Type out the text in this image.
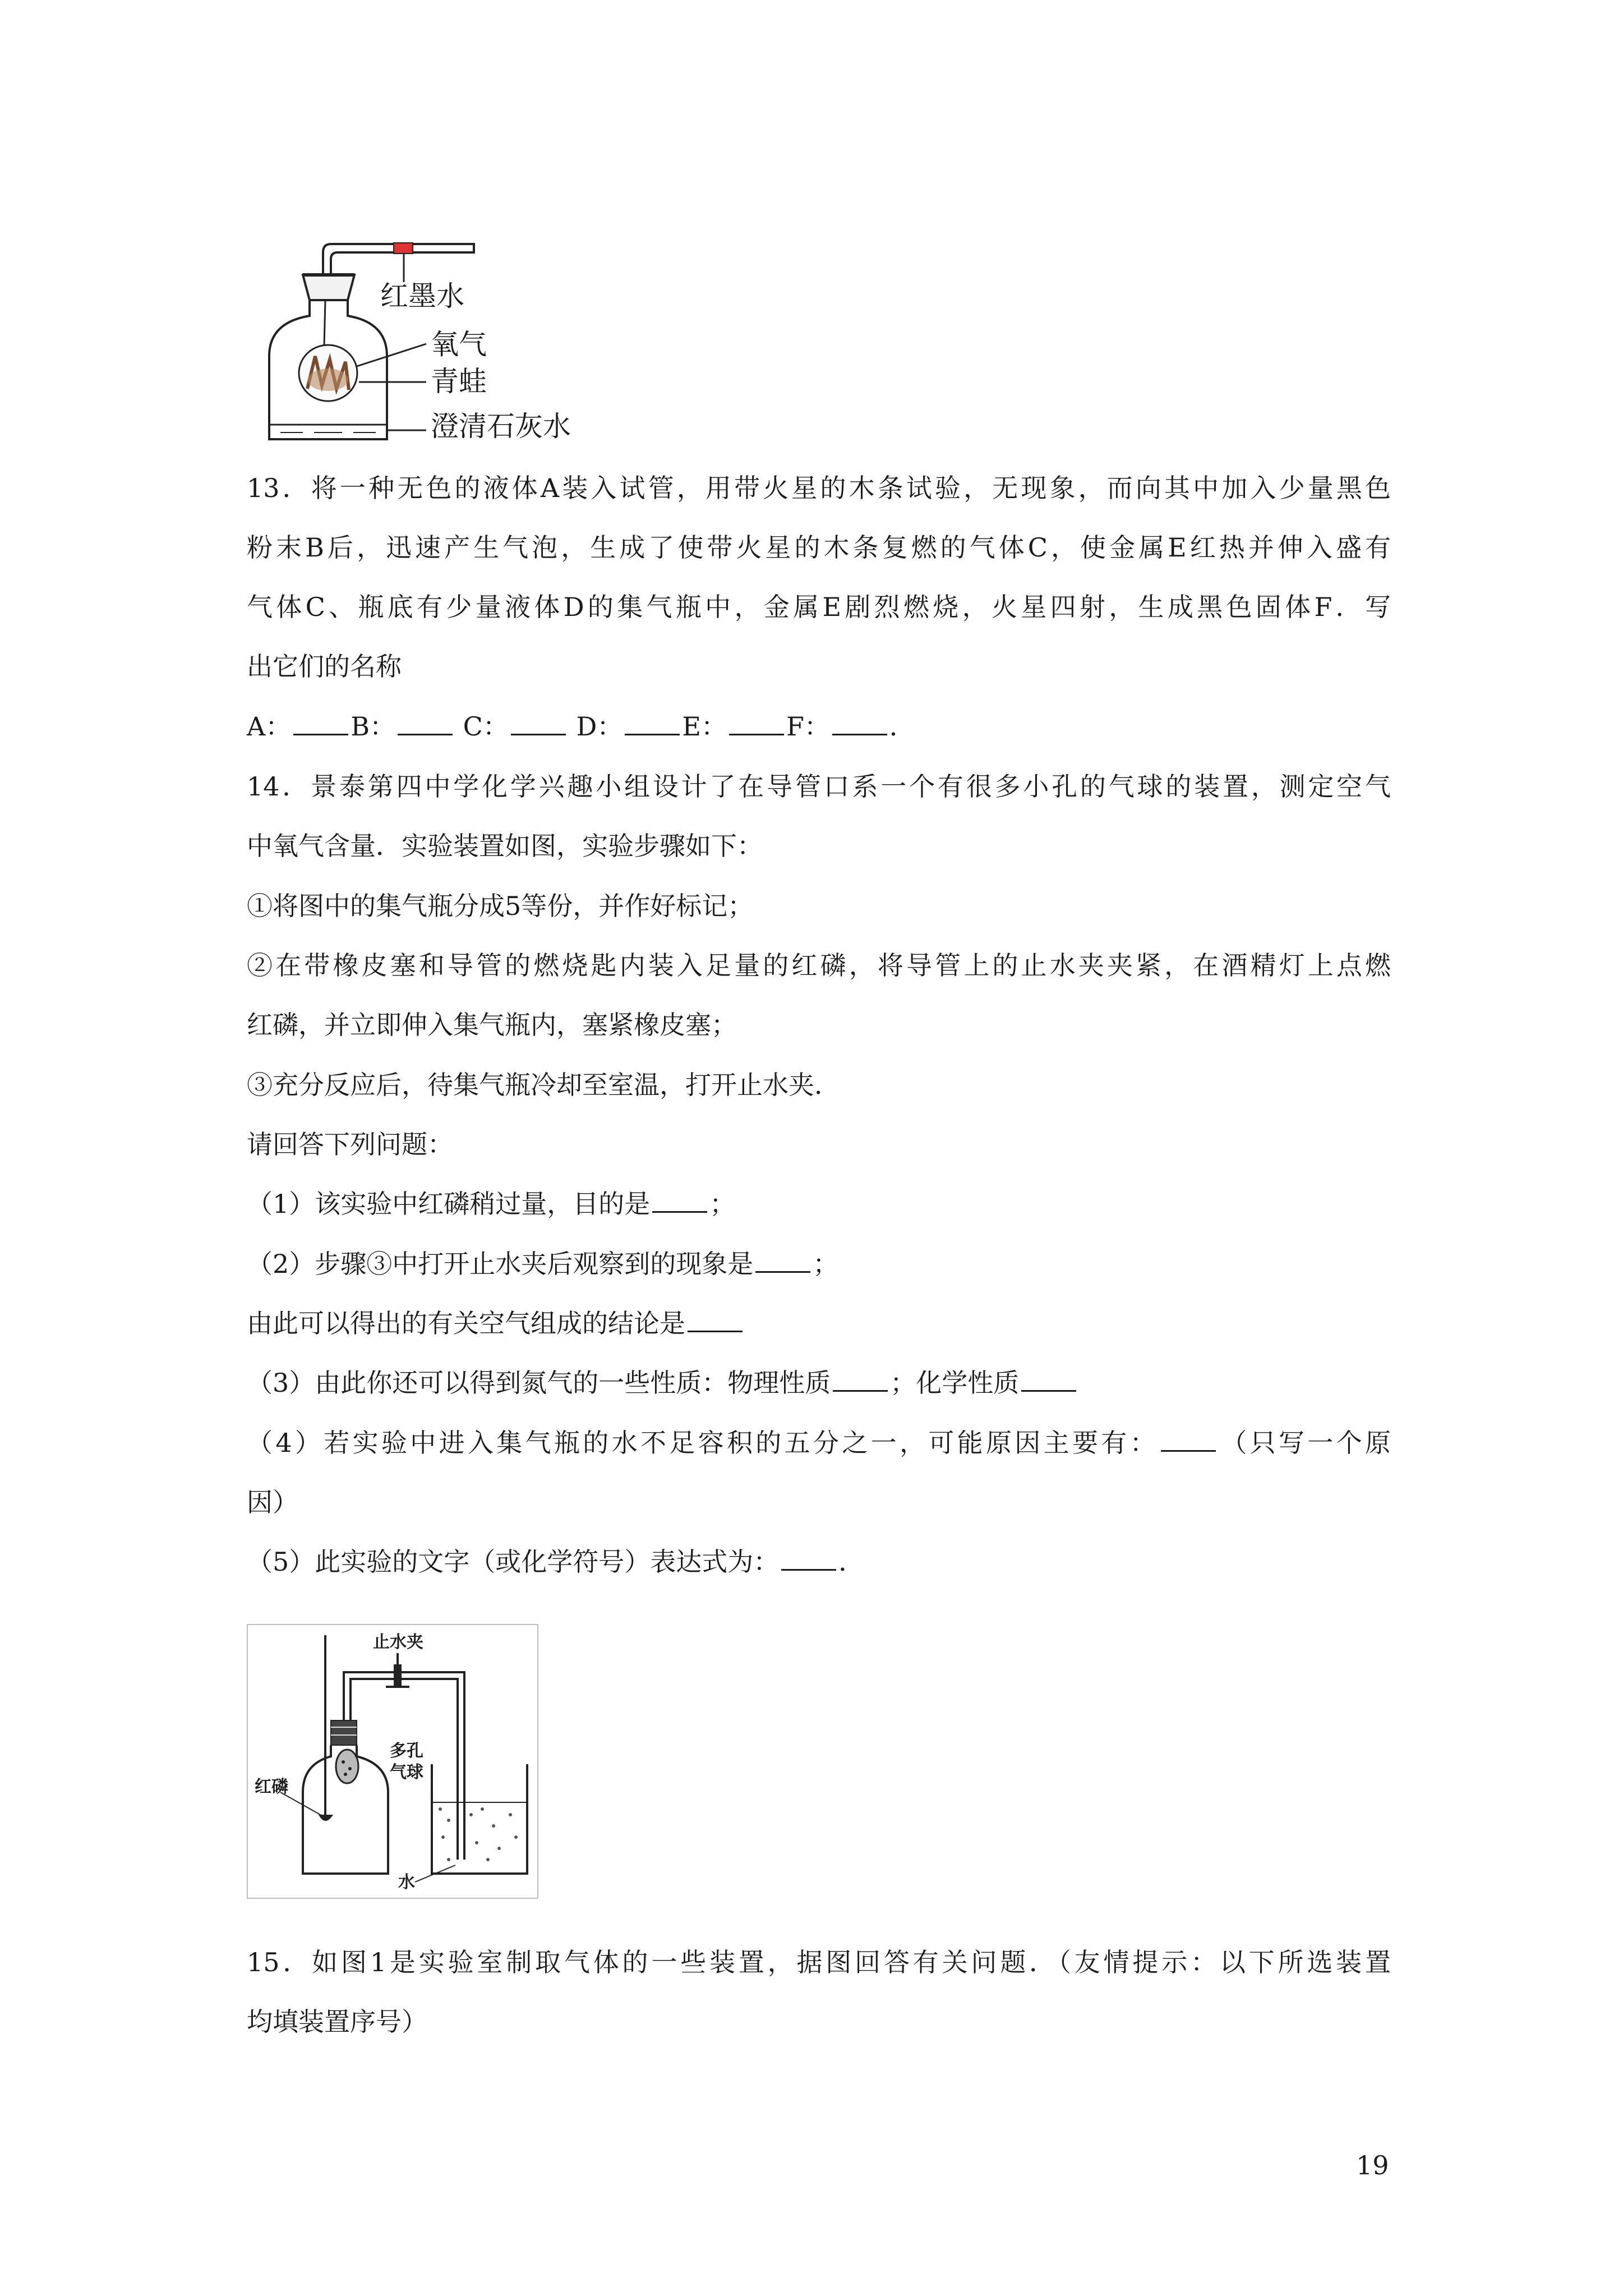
红墨水
氧气
青蛙
澄清石灰水
13．将一种无色的液体A装入试管，用带火星的木条试验，无现象，而向其中加入少量黑色
粉末B后，迅速产生气泡，生成了使带火星的木条复燃的气体C，使金属E红热并伸入盛有
气体C、瓶底有少量液体D的集气瓶中，金属E剧烈燃烧，火星四射，生成黑色固体F．写
出它们的名称
A： B：	C：	D： E： F： ．
14．景泰第四中学化学兴趣小组设计了在导管口系一个有很多小孔的气球的装置，测定空气
中氧气含量．实验装置如图，实验步骤如下：
①将图中的集气瓶分成5等份，并作好标记；
②在带橡皮塞和导管的燃烧匙内装入足量的红磷，将导管上的止水夹夹紧，在酒精灯上点燃
红磷，并立即伸入集气瓶内，塞紧橡皮塞；
③充分反应后，待集气瓶冷却至室温，打开止水夹．
请回答下列问题：
（1）该实验中红磷稍过量，目的是 ；
（2）步骤③中打开止水夹后观察到的现象是 ；
由此可以得出的有关空气组成的结论是
（3）由此你还可以得到氮气的一些性质：物理性质 ；化学性质
（4）若实验中进入集气瓶的水不足容积的五分之一，可能原因主要有： （只写一个原
因）
（5）此实验的文字（或化学符号）表达式为： ．
止水夹
多孔
气球
红磷
水
15．如图1是实验室制取气体的一些装置，据图回答有关问题．（友情提示：以下所选装置
均填装置序号）
19
